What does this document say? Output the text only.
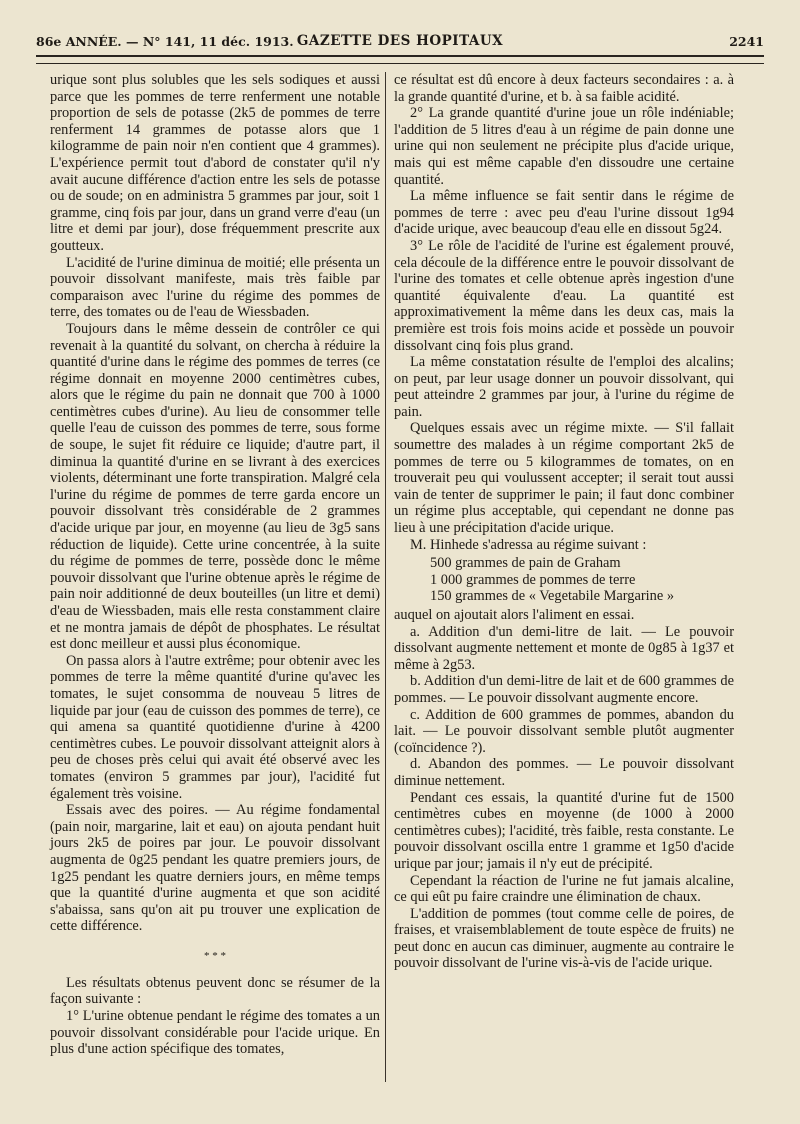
86e ANNÉE. — N° 141, 11 déc. 1913. GAZETTE DES HOPITAUX	2241

urique sont plus solubles que les sels sodiques et aussi parce que les pommes de terre renferment une notable proportion de sels de potasse (2k5 de pommes de terre renferment 14 grammes de potasse alors que 1 kilogramme de pain noir n'en contient que 4 grammes). L'expérience permit tout d'abord de constater qu'il n'y avait aucune différence d'action entre les sels de potasse ou de soude; on en administra 5 grammes par jour, soit 1 gramme, cinq fois par jour, dans un grand verre d'eau (un litre et demi par jour), dose fréquemment prescrite aux goutteux.

L'acidité de l'urine diminua de moitié; elle présenta un pouvoir dissolvant manifeste, mais très faible par comparaison avec l'urine du régime des pommes de terre, des tomates ou de l'eau de Wiessbaden.

Toujours dans le même dessein de contrôler ce qui revenait à la quantité du solvant, on chercha à réduire la quantité d'urine dans le régime des pommes de terres (ce régime donnait en moyenne 2000 centimètres cubes, alors que le régime du pain ne donnait que 700 à 1000 centimètres cubes d'urine). Au lieu de consommer telle quelle l'eau de cuisson des pommes de terre, sous forme de soupe, le sujet fit réduire ce liquide; d'autre part, il diminua la quantité d'urine en se livrant à des exercices violents, déterminant une forte transpiration. Malgré cela l'urine du régime de pommes de terre garda encore un pouvoir dissolvant très considérable de 2 grammes d'acide urique par jour, en moyenne (au lieu de 3g5 sans réduction de liquide). Cette urine concentrée, à la suite du régime de pommes de terre, possède donc le même pouvoir dissolvant que l'urine obtenue après le régime de pain noir additionné de deux bouteilles (un litre et demi) d'eau de Wiessbaden, mais elle resta constamment claire et ne montra jamais de dépôt de phosphates. Le résultat est donc meilleur et aussi plus économique.

On passa alors à l'autre extrême; pour obtenir avec les pommes de terre la même quantité d'urine qu'avec les tomates, le sujet consomma de nouveau 5 litres de liquide par jour (eau de cuisson des pommes de terre), ce qui amena sa quantité quotidienne d'urine à 4200 centimètres cubes. Le pouvoir dissolvant atteignit alors à peu de choses près celui qui avait été observé avec les tomates (environ 5 grammes par jour), l'acidité fut également très voisine.

Essais avec des poires. — Au régime fondamental (pain noir, margarine, lait et eau) on ajouta pendant huit jours 2k5 de poires par jour. Le pouvoir dissolvant augmenta de 0g25 pendant les quatre premiers jours, de 1g25 pendant les quatre derniers jours, en même temps que la quantité d'urine augmenta et que son acidité s'abaissa, sans qu'on ait pu trouver une explication de cette différence.

* * *

Les résultats obtenus peuvent donc se résumer de la façon suivante :

1° L'urine obtenue pendant le régime des tomates a un pouvoir dissolvant considérable pour l'acide urique. En plus d'une action spécifique des tomates,

ce résultat est dû encore à deux facteurs secondaires : a. à la grande quantité d'urine, et b. à sa faible acidité.

2° La grande quantité d'urine joue un rôle indéniable; l'addition de 5 litres d'eau à un régime de pain donne une urine qui non seulement ne précipite plus d'acide urique, mais qui est même capable d'en dissoudre une certaine quantité.

La même influence se fait sentir dans le régime de pommes de terre : avec peu d'eau l'urine dissout 1g94 d'acide urique, avec beaucoup d'eau elle en dissout 5g24.

3° Le rôle de l'acidité de l'urine est également prouvé, cela découle de la différence entre le pouvoir dissolvant de l'urine des tomates et celle obtenue après ingestion d'une quantité équivalente d'eau. La quantité est approximativement la même dans les deux cas, mais la première est trois fois moins acide et possède un pouvoir dissolvant cinq fois plus grand.

La même constatation résulte de l'emploi des alcalins; on peut, par leur usage donner un pouvoir dissolvant, qui peut atteindre 2 grammes par jour, à l'urine du régime de pain.

Quelques essais avec un régime mixte. — S'il fallait soumettre des malades à un régime comportant 2k5 de pommes de terre ou 5 kilogrammes de tomates, on en trouverait peu qui voulussent accepter; il serait tout aussi vain de tenter de supprimer le pain; il faut donc combiner un régime plus acceptable, qui cependant ne donne pas lieu à une précipitation d'acide urique.

M. Hinhede s'adressa au régime suivant :

500 grammes de pain de Graham
1 000 grammes de pommes de terre
150 grammes de « Vegetabile Margarine »

auquel on ajoutait alors l'aliment en essai.

a. Addition d'un demi-litre de lait. — Le pouvoir dissolvant augmente nettement et monte de 0g85 à 1g37 et même à 2g53.

b. Addition d'un demi-litre de lait et de 600 grammes de pommes. — Le pouvoir dissolvant augmente encore.

c. Addition de 600 grammes de pommes, abandon du lait. — Le pouvoir dissolvant semble plutôt augmenter (coïncidence ?).

d. Abandon des pommes. — Le pouvoir dissolvant diminue nettement.

Pendant ces essais, la quantité d'urine fut de 1500 centimètres cubes en moyenne (de 1000 à 2000 centimètres cubes); l'acidité, très faible, resta constante. Le pouvoir dissolvant oscilla entre 1 gramme et 1g50 d'acide urique par jour; jamais il n'y eut de précipité.

Cependant la réaction de l'urine ne fut jamais alcaline, ce qui eût pu faire craindre une élimination de chaux.

L'addition de pommes (tout comme celle de poires, de fraises, et vraisemblablement de toute espèce de fruits) ne peut donc en aucun cas diminuer, augmente au contraire le pouvoir dissolvant de l'urine vis-à-vis de l'acide urique.
